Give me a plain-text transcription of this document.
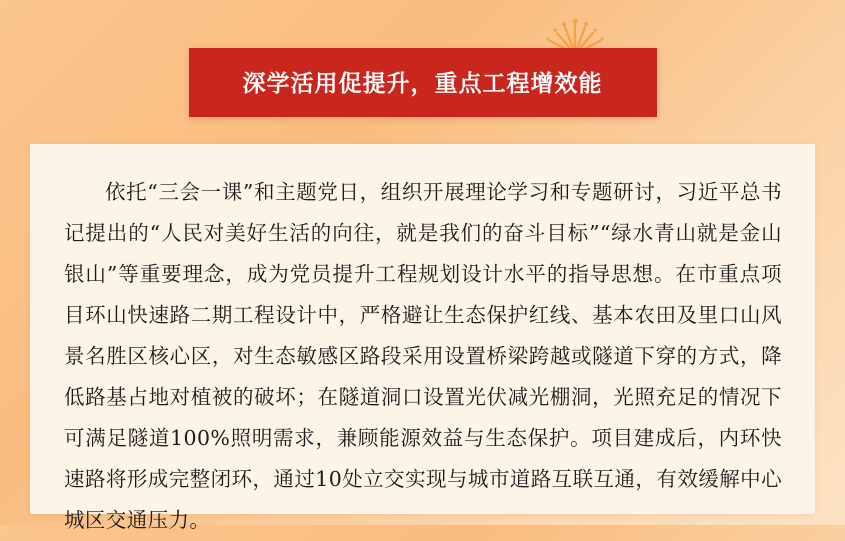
深学活用促提升，重点工程增效能
依托“三会一课”和主题党日，组织开展理论学习和专题研讨，习近平总书记提出的“人民对美好生活的向往，就是我们的奋斗目标”“绿水青山就是金山银山”等重要理念，成为党员提升工程规划设计水平的指导思想。在市重点项目环山快速路二期工程设计中，严格避让生态保护红线、基本农田及里口山风景名胜区核心区，对生态敏感区路段采用设置桥梁跨越或隧道下穿的方式，降低路基占地对植被的破坏；在隧道洞口设置光伏减光棚洞，光照充足的情况下可满足隧道100%照明需求，兼顾能源效益与生态保护。项目建成后，内环快速路将形成完整闭环，通过10处立交实现与城市道路互联互通，有效缓解中心城区交通压力。
